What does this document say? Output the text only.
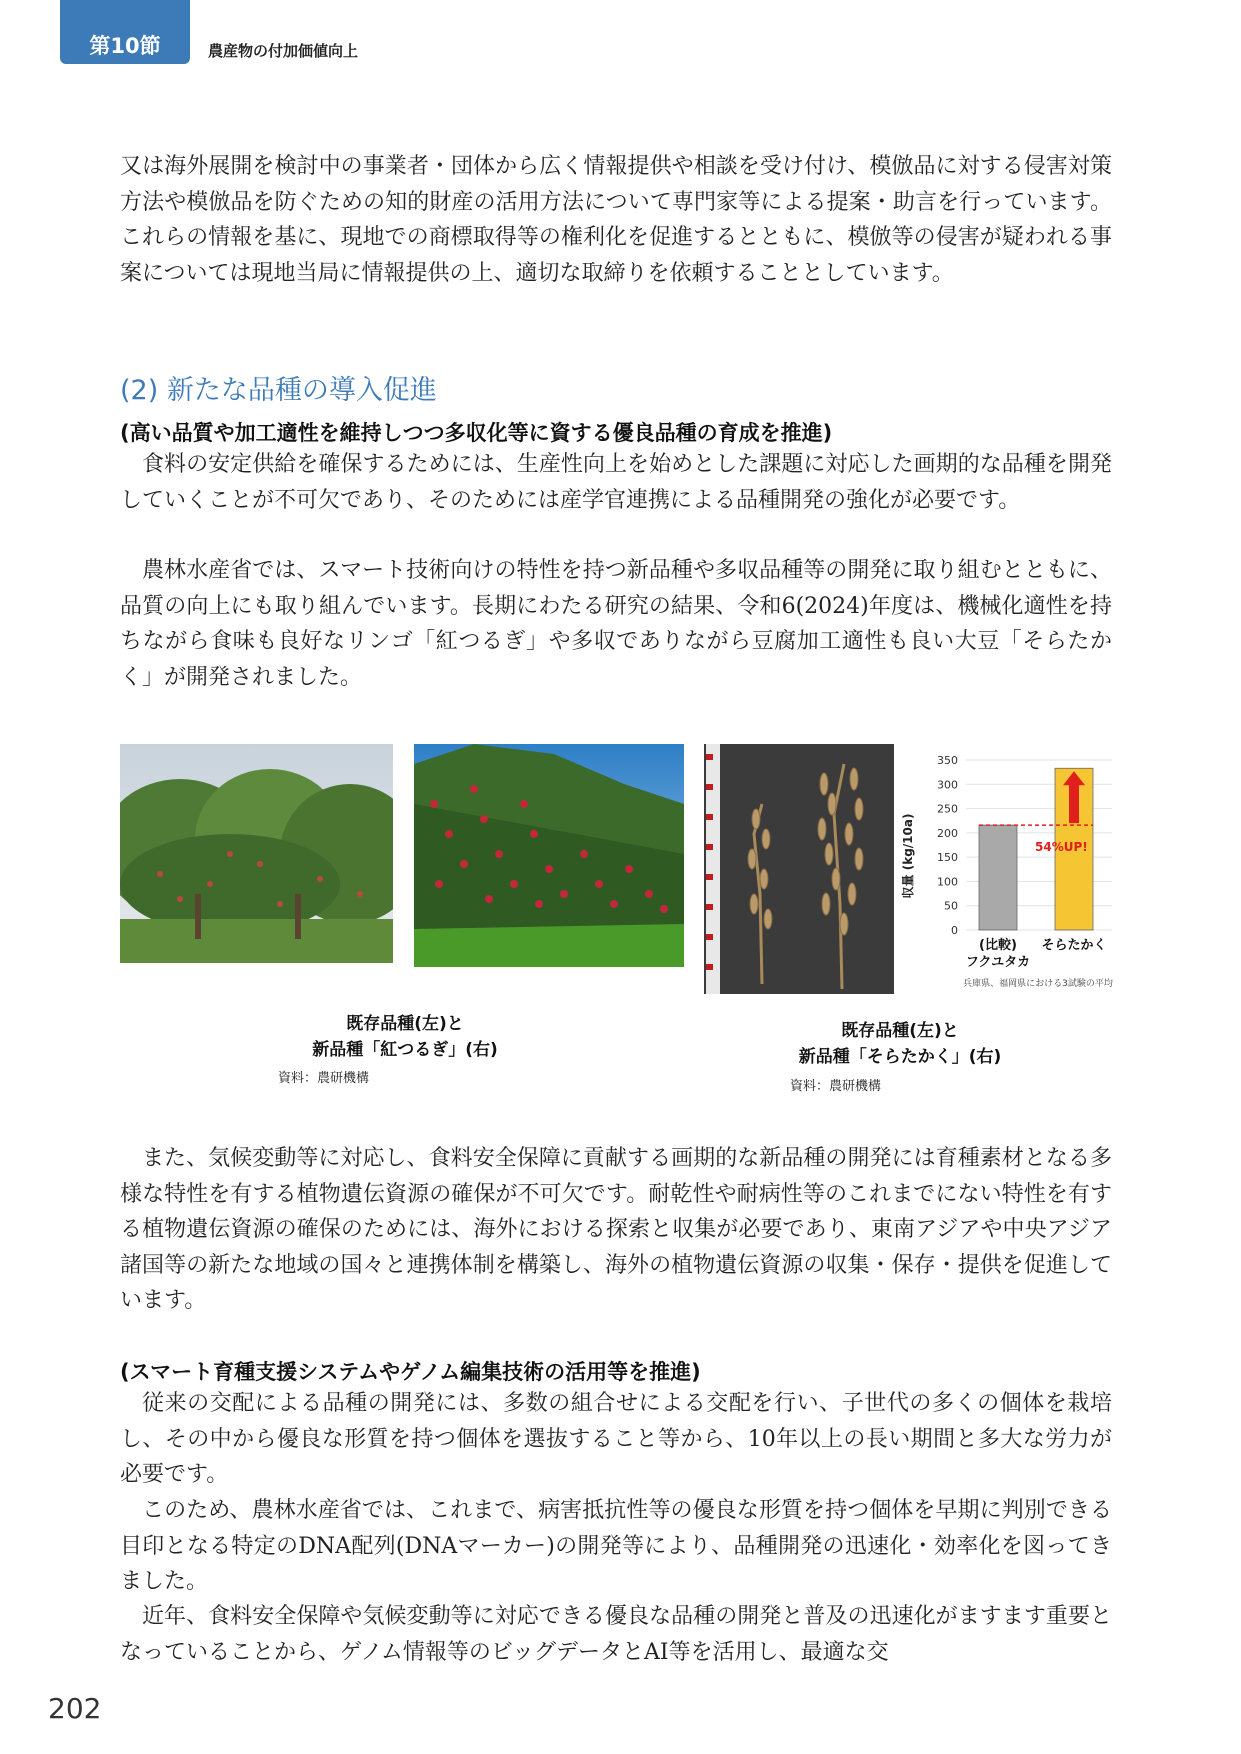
第10節	農産物の付加価値向上

又は海外展開を検討中の事業者・団体から広く情報提供や相談を受け付け、模倣品に対する侵害対策方法や模倣品を防ぐための知的財産の活用方法について専門家等による提案・助言を行っています。これらの情報を基に、現地での商標取得等の権利化を促進するとともに、模倣等の侵害が疑われる事案については現地当局に情報提供の上、適切な取締りを依頼することとしています。

(2) 新たな品種の導入促進
(高い品質や加工適性を維持しつつ多収化等に資する優良品種の育成を推進)

食料の安定供給を確保するためには、生産性向上を始めとした課題に対応した画期的な品種を開発していくことが不可欠であり、そのためには産学官連携による品種開発の強化が必要です。

農林水産省では、スマート技術向けの特性を持つ新品種や多収品種等の開発に取り組むとともに、品質の向上にも取り組んでいます。長期にわたる研究の結果、令和6(2024)年度は、機械化適性を持ちながら食味も良好なリンゴ「紅つるぎ」や多収でありながら豆腐加工適性も良い大豆「そらたかく」が開発されました。

既存品種(左)と
新品種「紅つるぎ」(右)
資料：農研機構
収量 (kg/10a)
0
50
100
150
200
250
300
350
54%UP!
(比較) そらたかく
フクユタカ
兵庫県、福岡県における3試験の平均
既存品種(左)と
新品種「そらたかく」(右)
資料：農研機構

また、気候変動等に対応し、食料安全保障に貢献する画期的な新品種の開発には育種素材となる多様な特性を有する植物遺伝資源の確保が不可欠です。耐乾性や耐病性等のこれまでにない特性を有する植物遺伝資源の確保のためには、海外における探索と収集が必要であり、東南アジアや中央アジア諸国等の新たな地域の国々と連携体制を構築し、海外の植物遺伝資源の収集・保存・提供を促進しています。

(スマート育種支援システムやゲノム編集技術の活用等を推進)

従来の交配による品種の開発には、多数の組合せによる交配を行い、子世代の多くの個体を栽培し、その中から優良な形質を持つ個体を選抜すること等から、10年以上の長い期間と多大な労力が必要です。

このため、農林水産省では、これまで、病害抵抗性等の優良な形質を持つ個体を早期に判別できる目印となる特定のDNA配列(DNAマーカー)の開発等により、品種開発の迅速化・効率化を図ってきました。

近年、食料安全保障や気候変動等に対応できる優良な品種の開発と普及の迅速化がますます重要となっていることから、ゲノム情報等のビッグデータとAI等を活用し、最適な交

202
